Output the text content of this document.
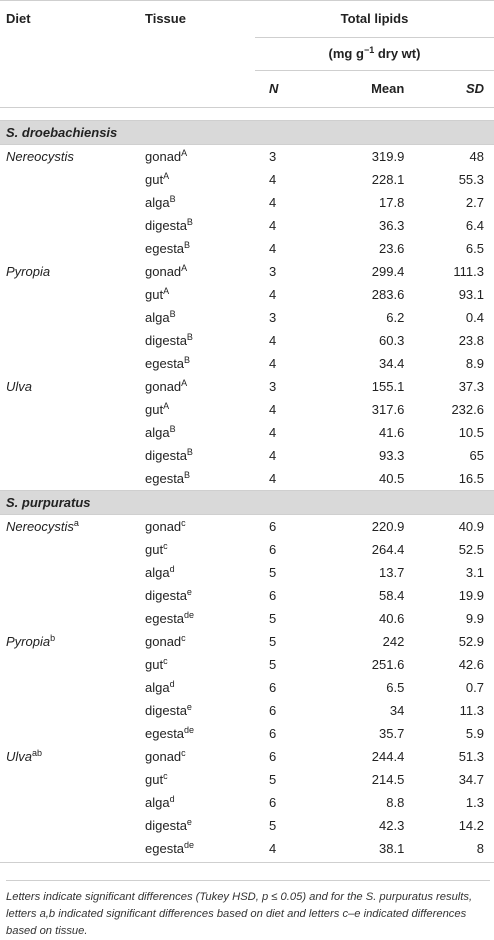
Diet	Tissue	Total lipids		
		(mg $g^{-1}$ dry wt)		
		N	Mean	SD

S. droebachiensis				
Nereocystis	gonad$^A$	3	319.9	48
	gut$^A$	4	228.1	55.3
	alga$^B$	4	17.8	2.7
	digesta$^B$	4	36.3	6.4
	egesta$^B$	4	23.6	6.5
Pyropia	gonad$^A$	3	299.4	111.3
	gut$^A$	4	283.6	93.1
	alga$^B$	3	6.2	0.4
	digesta$^B$	4	60.3	23.8
	egesta$^B$	4	34.4	8.9
Ulva	gonad$^A$	3	155.1	37.3
	gut$^A$	4	317.6	232.6
	alga$^B$	4	41.6	10.5
	digesta$^B$	4	93.3	65
	egesta$^B$	4	40.5	16.5
S. purpuratus				
Nereocystis$^a$	gonad$^c$	6	220.9	40.9
	gut$^c$	6	264.4	52.5
	alga$^d$	5	13.7	3.1
	digesta$^e$	6	58.4	19.9
	egesta$^{de}$	5	40.6	9.9
Pyropia$^b$	gonad$^c$	5	242	52.9
	gut$^c$	5	251.6	42.6
	alga$^d$	6	6.5	0.7
	digesta$^e$	6	34	11.3
	egesta$^{de}$	6	35.7	5.9
Ulva$^{ab}$	gonad$^c$	6	244.4	51.3
	gut$^c$	5	214.5	34.7
	alga$^d$	6	8.8	1.3
	digesta$^e$	5	42.3	14.2
	egesta$^{de}$	4	38.1	8
Letters indicate significant differences (Tukey HSD, p ≤ 0.05) and for the S. purpuratus results, letters a,b indicated significant differences based on diet and letters c–e indicated differences based on tissue.
